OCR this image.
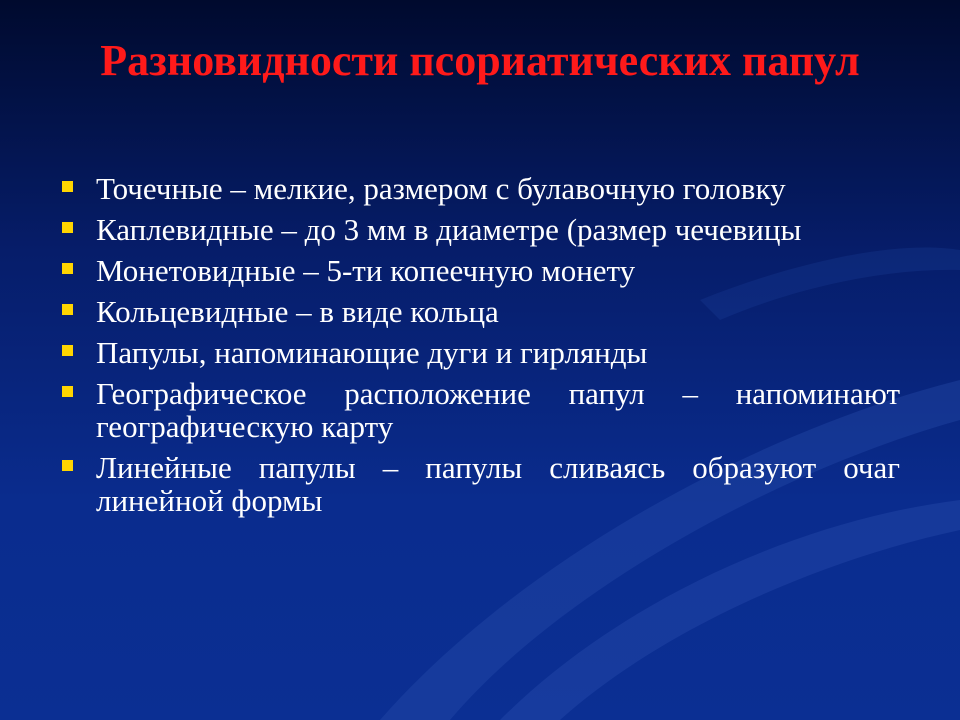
Разновидности псориатических папул
Точечные – мелкие, размером с булавочную головку
Каплевидные – до 3 мм в диаметре (размер чечевицы
Монетовидные – 5-ти копеечную монету
Кольцевидные – в виде кольца
Папулы, напоминающие дуги и гирлянды
Географическое расположение папул – напоминают географическую карту
Линейные папулы – папулы сливаясь образуют очаг линейной формы
